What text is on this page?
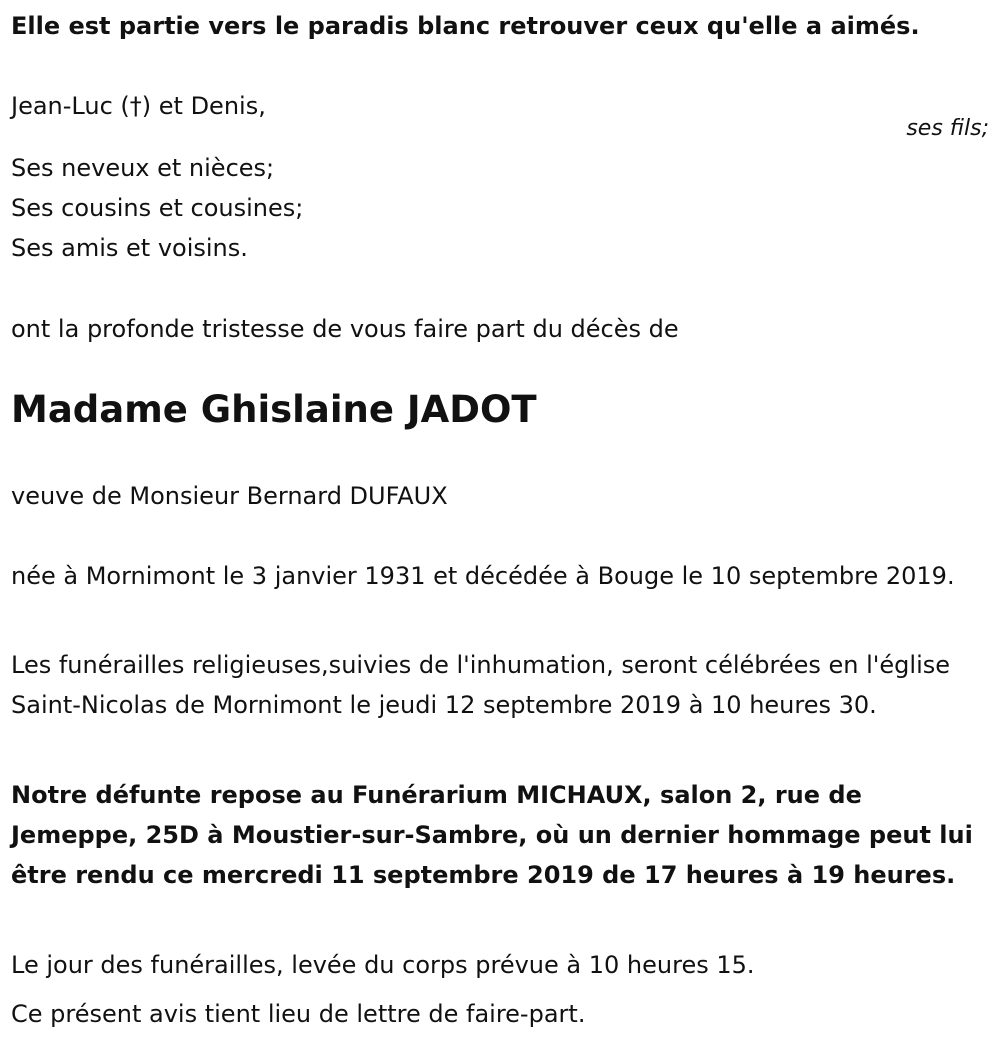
Elle est partie vers le paradis blanc retrouver ceux qu'elle a aimés.

Jean-Luc (†) et Denis,

ses fils;

Ses neveux et nièces;

Ses cousins et cousines;

Ses amis et voisins.

ont la profonde tristesse de vous faire part du décès de

Madame Ghislaine JADOT

veuve de Monsieur Bernard DUFAUX

née à Mornimont le 3 janvier 1931 et décédée à Bouge le 10 septembre 2019.

Les funérailles religieuses,suivies de l'inhumation, seront célébrées en l'église Saint-Nicolas de Mornimont le jeudi 12 septembre 2019 à 10 heures 30.

Notre défunte repose au Funérarium MICHAUX, salon 2, rue de Jemeppe, 25D à Moustier-sur-Sambre, où un dernier hommage peut lui être rendu ce mercredi 11 septembre 2019 de 17 heures à 19 heures.

Le jour des funérailles, levée du corps prévue à 10 heures 15.

Ce présent avis tient lieu de lettre de faire-part.
